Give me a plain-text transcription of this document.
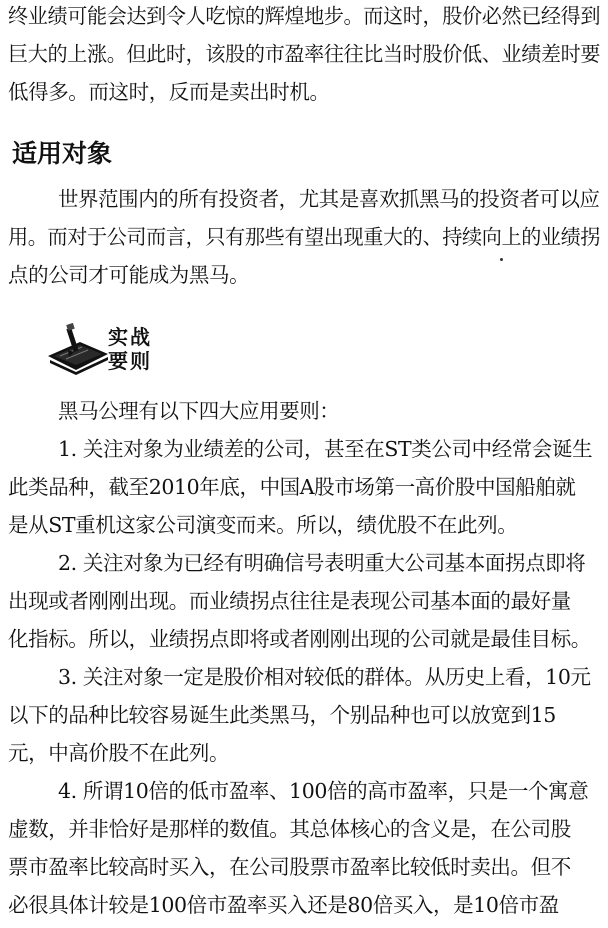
终业绩可能会达到令人吃惊的辉煌地步。而这时，股价必然已经得到
巨大的上涨。但此时，该股的市盈率往往比当时股价低、业绩差时要
低得多。而这时，反而是卖出时机。
适用对象
世界范围内的所有投资者，尤其是喜欢抓黑马的投资者可以应
用。而对于公司而言，只有那些有望出现重大的、持续向上的业绩拐
点的公司才可能成为黑马。
实战
要则
黑马公理有以下四大应用要则：
1. 关注对象为业绩差的公司，甚至在ST类公司中经常会诞生
此类品种，截至2010年底，中国A股市场第一高价股中国船舶就
是从ST重机这家公司演变而来。所以，绩优股不在此列。
2. 关注对象为已经有明确信号表明重大公司基本面拐点即将
出现或者刚刚出现。而业绩拐点往往是表现公司基本面的最好量
化指标。所以，业绩拐点即将或者刚刚出现的公司就是最佳目标。
3. 关注对象一定是股价相对较低的群体。从历史上看，10元
以下的品种比较容易诞生此类黑马，个别品种也可以放宽到15
元，中高价股不在此列。
4. 所谓10倍的低市盈率、100倍的高市盈率，只是一个寓意
虚数，并非恰好是那样的数值。其总体核心的含义是，在公司股
票市盈率比较高时买入，在公司股票市盈率比较低时卖出。但不
必很具体计较是100倍市盈率买入还是80倍买入，是10倍市盈
